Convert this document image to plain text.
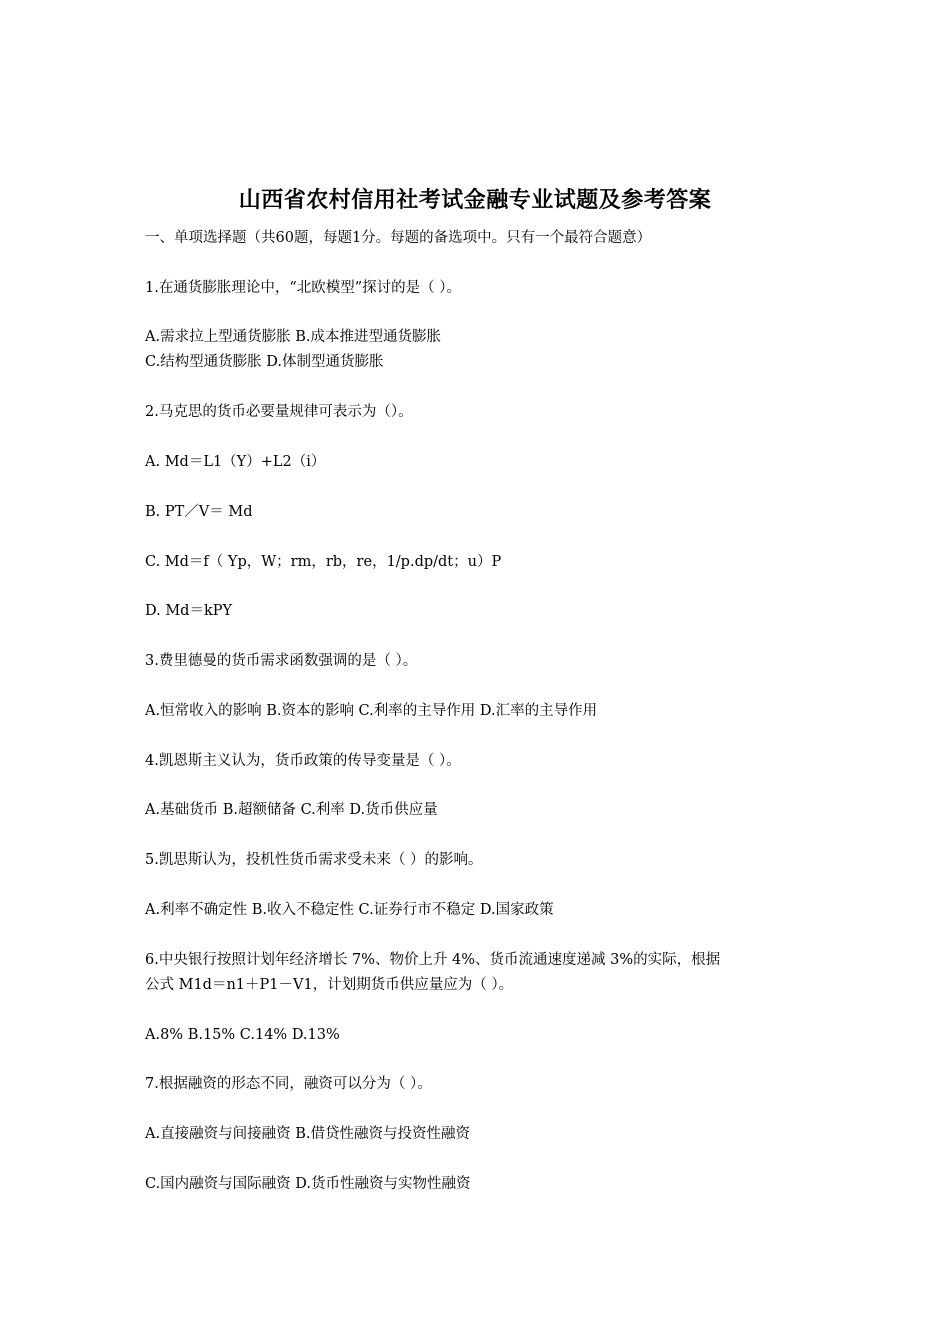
山西省农村信用社考试金融专业试题及参考答案
一、单项选择题（共60题，每题1分。每题的备选项中。只有一个最符合题意）
1.在通货膨胀理论中，“北欧模型”探讨的是（ ）。
A.需求拉上型通货膨胀 B.成本推进型通货膨胀
C.结构型通货膨胀 D.体制型通货膨胀
2.马克思的货币必要量规律可表示为（）。
A. Md＝L1（Y）+L2（i）
B. PT／V＝ Md
C. Md＝f（ Yp，W；rm，rb，re，1/p.dp/dt；u）P
D. Md＝kPY
3.费里德曼的货币需求函数强调的是（ ）。
A.恒常收入的影响 B.资本的影响 C.利率的主导作用 D.汇率的主导作用
4.凯恩斯主义认为，货币政策的传导变量是（ ）。
A.基础货币 B.超额储备 C.利率 D.货币供应量
5.凯思斯认为，投机性货币需求受未来（ ）的影响。
A.利率不确定性 B.收入不稳定性 C.证券行市不稳定 D.国家政策
6.中央银行按照计划年经济增长 7%、物价上升 4%、货币流通速度递减 3%的实际，根据
公式 M1d＝n1＋P1－V1，计划期货币供应量应为（ ）。
A.8% B.15% C.14% D.13%
7.根据融资的形态不同，融资可以分为（ ）。
A.直接融资与间接融资 B.借贷性融资与投资性融资
C.国内融资与国际融资 D.货币性融资与实物性融资
